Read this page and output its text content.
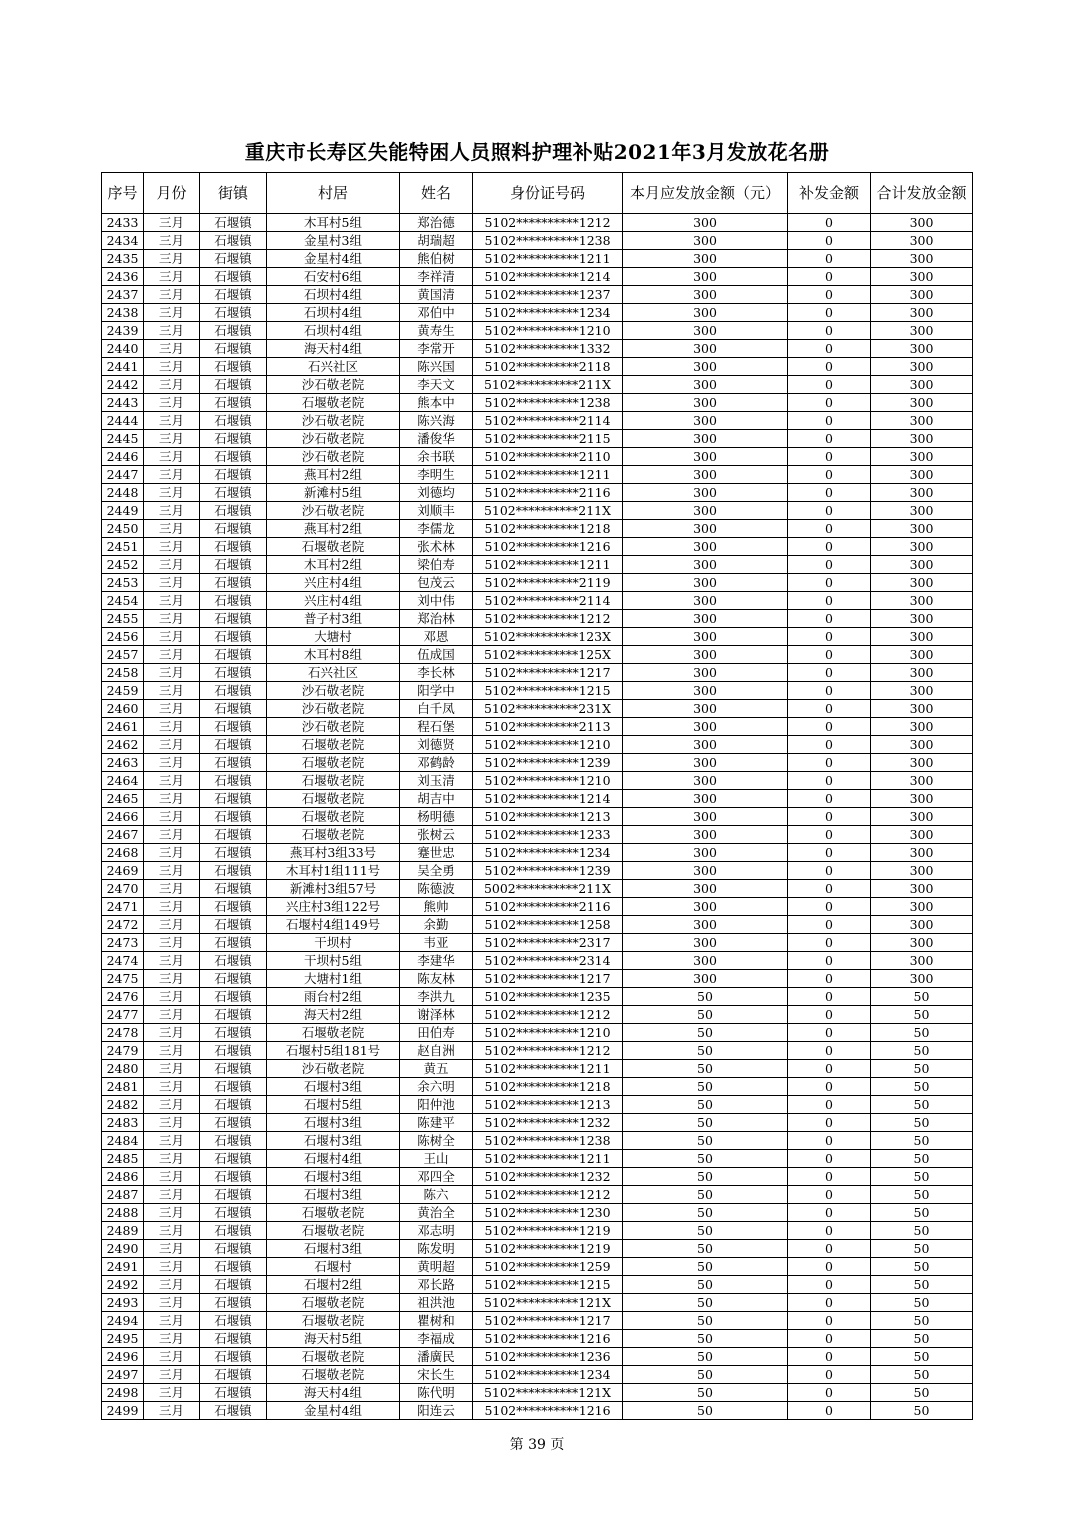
重庆市长寿区失能特困人员照料护理补贴2021年3月发放花名册
序号	月份	街镇	村居	姓名	身份证号码	本月应发放金额（元）	补发金额	合计发放金额
2433	三月	石堰镇	木耳村5组	郑治德	5102**********1212	300	0	300
2434	三月	石堰镇	金星村3组	胡瑞超	5102**********1238	300	0	300
2435	三月	石堰镇	金星村4组	熊伯树	5102**********1211	300	0	300
2436	三月	石堰镇	石安村6组	李祥清	5102**********1214	300	0	300
2437	三月	石堰镇	石坝村4组	黄国清	5102**********1237	300	0	300
2438	三月	石堰镇	石坝村4组	邓伯中	5102**********1234	300	0	300
2439	三月	石堰镇	石坝村4组	黄寿生	5102**********1210	300	0	300
2440	三月	石堰镇	海天村4组	李常开	5102**********1332	300	0	300
2441	三月	石堰镇	石兴社区	陈兴国	5102**********2118	300	0	300
2442	三月	石堰镇	沙石敬老院	李天文	5102**********211X	300	0	300
2443	三月	石堰镇	石堰敬老院	熊本中	5102**********1238	300	0	300
2444	三月	石堰镇	沙石敬老院	陈兴海	5102**********2114	300	0	300
2445	三月	石堰镇	沙石敬老院	潘俊华	5102**********2115	300	0	300
2446	三月	石堰镇	沙石敬老院	余书联	5102**********2110	300	0	300
2447	三月	石堰镇	燕耳村2组	李明生	5102**********1211	300	0	300
2448	三月	石堰镇	新滩村5组	刘德均	5102**********2116	300	0	300
2449	三月	石堰镇	沙石敬老院	刘顺丰	5102**********211X	300	0	300
2450	三月	石堰镇	燕耳村2组	李儒龙	5102**********1218	300	0	300
2451	三月	石堰镇	石堰敬老院	张术林	5102**********1216	300	0	300
2452	三月	石堰镇	木耳村2组	梁伯寿	5102**********1211	300	0	300
2453	三月	石堰镇	兴庄村4组	包茂云	5102**********2119	300	0	300
2454	三月	石堰镇	兴庄村4组	刘中伟	5102**********2114	300	0	300
2455	三月	石堰镇	普子村3组	郑治林	5102**********1212	300	0	300
2456	三月	石堰镇	大塘村	邓恩	5102**********123X	300	0	300
2457	三月	石堰镇	木耳村8组	伍成国	5102**********125X	300	0	300
2458	三月	石堰镇	石兴社区	李长林	5102**********1217	300	0	300
2459	三月	石堰镇	沙石敬老院	阳学中	5102**********1215	300	0	300
2460	三月	石堰镇	沙石敬老院	白千凤	5102**********231X	300	0	300
2461	三月	石堰镇	沙石敬老院	程石堡	5102**********2113	300	0	300
2462	三月	石堰镇	石堰敬老院	刘德贤	5102**********1210	300	0	300
2463	三月	石堰镇	石堰敬老院	邓鹤龄	5102**********1239	300	0	300
2464	三月	石堰镇	石堰敬老院	刘玉清	5102**********1210	300	0	300
2465	三月	石堰镇	石堰敬老院	胡吉中	5102**********1214	300	0	300
2466	三月	石堰镇	石堰敬老院	杨明德	5102**********1213	300	0	300
2467	三月	石堰镇	石堰敬老院	张树云	5102**********1233	300	0	300
2468	三月	石堰镇	燕耳村3组33号	蹇世忠	5102**********1234	300	0	300
2469	三月	石堰镇	木耳村1组111号	吴全勇	5102**********1239	300	0	300
2470	三月	石堰镇	新滩村3组57号	陈德波	5002**********211X	300	0	300
2471	三月	石堰镇	兴庄村3组122号	熊帅	5102**********2116	300	0	300
2472	三月	石堰镇	石堰村4组149号	余勤	5102**********1258	300	0	300
2473	三月	石堰镇	干坝村	韦亚	5102**********2317	300	0	300
2474	三月	石堰镇	干坝村5组	李建华	5102**********2314	300	0	300
2475	三月	石堰镇	大塘村1组	陈友林	5102**********1217	300	0	300
2476	三月	石堰镇	雨台村2组	李洪九	5102**********1235	50	0	50
2477	三月	石堰镇	海天村2组	谢泽林	5102**********1212	50	0	50
2478	三月	石堰镇	石堰敬老院	田伯寿	5102**********1210	50	0	50
2479	三月	石堰镇	石堰村5组181号	赵自洲	5102**********1212	50	0	50
2480	三月	石堰镇	沙石敬老院	黄五	5102**********1211	50	0	50
2481	三月	石堰镇	石堰村3组	余六明	5102**********1218	50	0	50
2482	三月	石堰镇	石堰村5组	阳仲池	5102**********1213	50	0	50
2483	三月	石堰镇	石堰村3组	陈建平	5102**********1232	50	0	50
2484	三月	石堰镇	石堰村3组	陈树全	5102**********1238	50	0	50
2485	三月	石堰镇	石堰村4组	王山	5102**********1211	50	0	50
2486	三月	石堰镇	石堰村3组	邓四全	5102**********1232	50	0	50
2487	三月	石堰镇	石堰村3组	陈六	5102**********1212	50	0	50
2488	三月	石堰镇	石堰敬老院	黄治全	5102**********1230	50	0	50
2489	三月	石堰镇	石堰敬老院	邓志明	5102**********1219	50	0	50
2490	三月	石堰镇	石堰村3组	陈发明	5102**********1219	50	0	50
2491	三月	石堰镇	石堰村	黄明超	5102**********1259	50	0	50
2492	三月	石堰镇	石堰村2组	邓长路	5102**********1215	50	0	50
2493	三月	石堰镇	石堰敬老院	祖洪池	5102**********121X	50	0	50
2494	三月	石堰镇	石堰敬老院	瞿树和	5102**********1217	50	0	50
2495	三月	石堰镇	海天村5组	李福成	5102**********1216	50	0	50
2496	三月	石堰镇	石堰敬老院	潘廣民	5102**********1236	50	0	50
2497	三月	石堰镇	石堰敬老院	宋长生	5102**********1234	50	0	50
2498	三月	石堰镇	海天村4组	陈代明	5102**********121X	50	0	50
2499	三月	石堰镇	金星村4组	阳连云	5102**********1216	50	0	50
第 39 页
